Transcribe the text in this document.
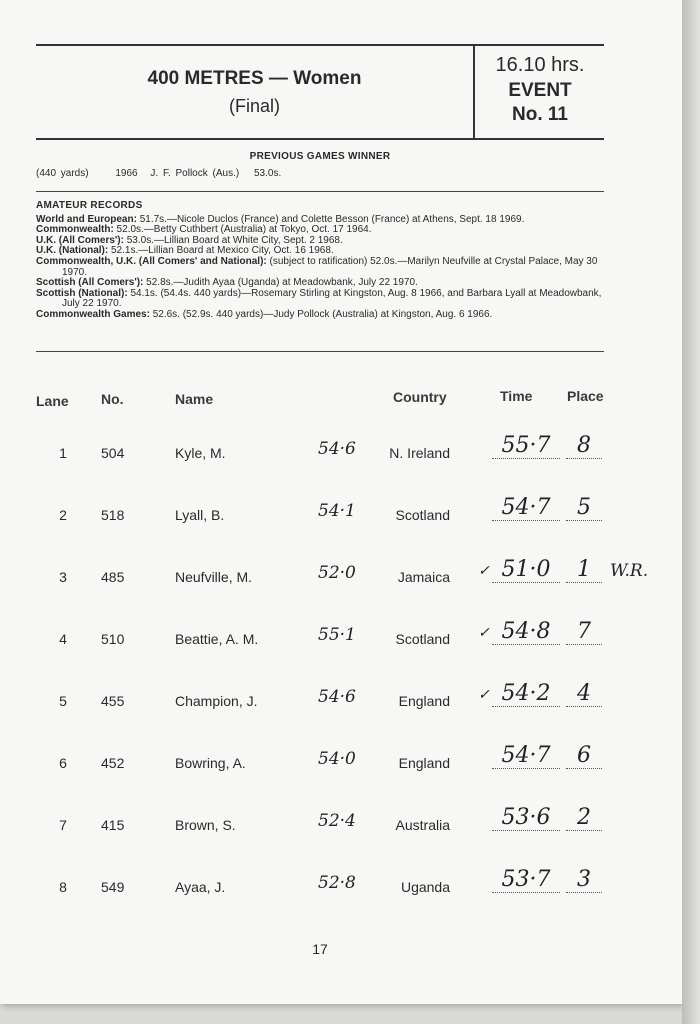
400 METRES — Women
(Final)
16.10 hrs.
EVENT
No. 11
PREVIOUS GAMES WINNER
(440 yards)	1966 J. F. Pollock (Aus.) 53.0s.
AMATEUR RECORDS
World and European: 51.7s.—Nicole Duclos (France) and Colette Besson (France) at Athens, Sept. 18 1969.
Commonwealth: 52.0s.—Betty Cuthbert (Australia) at Tokyo, Oct. 17 1964.
U.K. (All Comers'): 53.0s.—Lillian Board at White City, Sept. 2 1968.
U.K. (National): 52.1s.—Lillian Board at Mexico City, Oct. 16 1968.
Commonwealth, U.K. (All Comers' and National): (subject to ratification) 52.0s.—Marilyn Neufville at Crystal Palace, May 30 1970.
Scottish (All Comers'): 52.8s.—Judith Ayaa (Uganda) at Meadowbank, July 22 1970.
Scottish (National): 54.1s. (54.4s. 440 yards)—Rosemary Stirling at Kingston, Aug. 8 1966, and Barbara Lyall at Meadowbank, July 22 1970.
Commonwealth Games: 52.6s. (52.9s. 440 yards)—Judy Pollock (Australia) at Kingston, Aug. 6 1966.
Lane No.	Name	Country	Time Place
1	504	Kyle, M.	54·6	N. Ireland	55·7	8
2	518	Lyall, B.	54·1	Scotland	54·7	5
3	485	Neufville, M.	52·0	Jamaica ✓ 51·0	1	W.R.
4	510	Beattie, A. M.	55·1	Scotland ✓ 54·8	7
5	455	Champion, J.	54·6	England ✓ 54·2	4
6	452	Bowring, A.	54·0	England	54·7	6
7	415	Brown, S.	52·4	Australia	53·6	2
8	549	Ayaa, J.	52·8	Uganda	53·7	3
17
